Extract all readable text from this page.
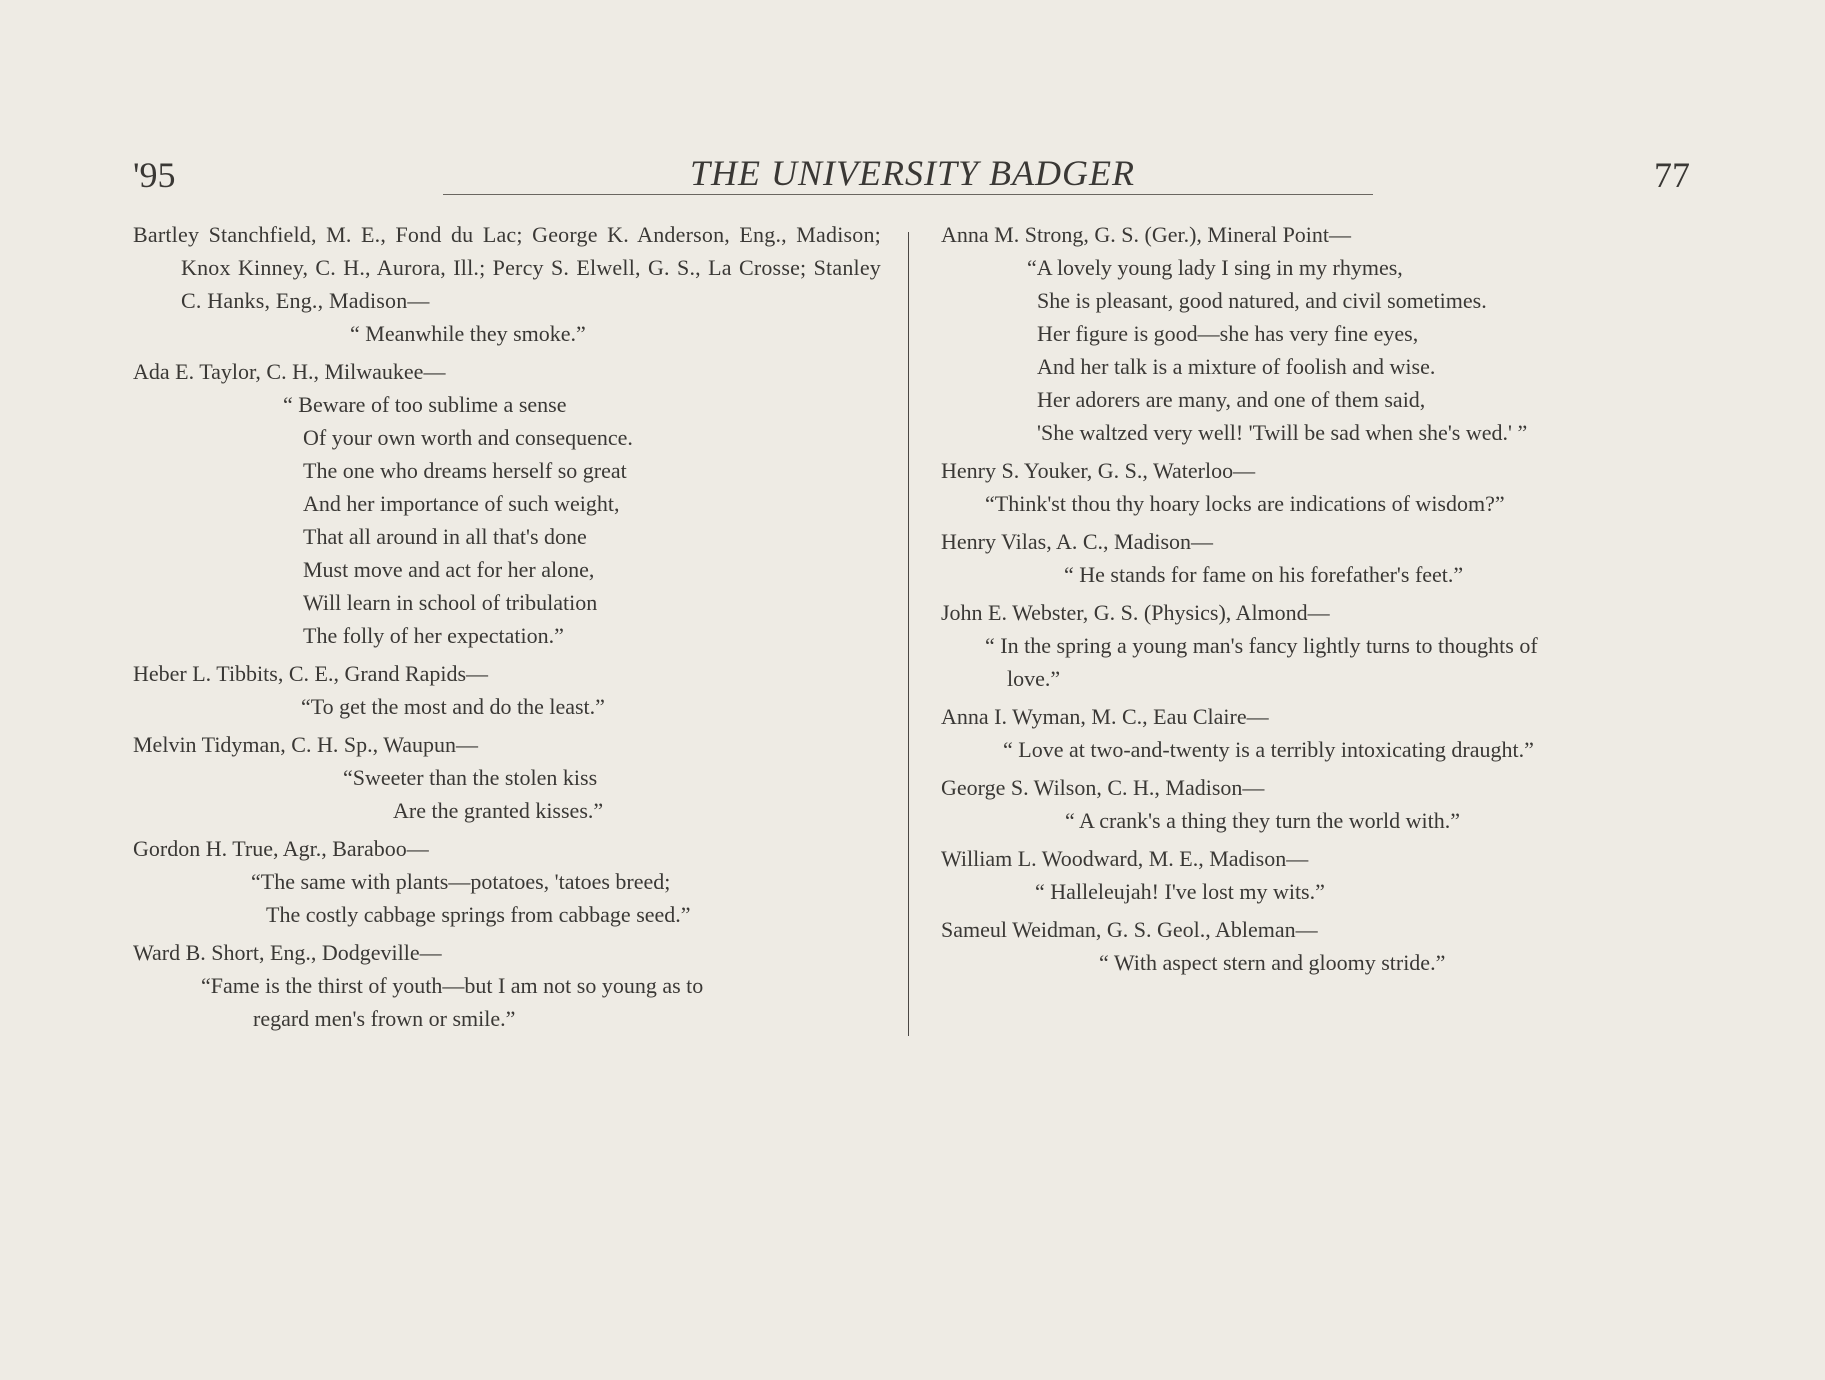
'95	THE UNIVERSITY BADGER	77

Bartley Stanchfield, M. E., Fond du Lac; George K. Anderson, Eng., Madison; Knox Kinney, C. H., Aurora, Ill.; Percy S. Elwell, G. S., La Crosse; Stanley C. Hanks, Eng., Madison—

“ Meanwhile they smoke.”

Ada E. Taylor, C. H., Milwaukee—

“ Beware of too sublime a sense
Of your own worth and consequence.
The one who dreams herself so great
And her importance of such weight,
That all around in all that's done
Must move and act for her alone,
Will learn in school of tribulation
The folly of her expectation.”

Heber L. Tibbits, C. E., Grand Rapids—

“To get the most and do the least.”

Melvin Tidyman, C. H. Sp., Waupun—

“Sweeter than the stolen kiss
Are the granted kisses.”

Gordon H. True, Agr., Baraboo—

“The same with plants—potatoes, 'tatoes breed;
The costly cabbage springs from cabbage seed.”

Ward B. Short, Eng., Dodgeville—

“Fame is the thirst of youth—but I am not so young as to
regard men's frown or smile.”

Anna M. Strong, G. S. (Ger.), Mineral Point—

“A lovely young lady I sing in my rhymes,
She is pleasant, good natured, and civil sometimes.
Her figure is good—she has very fine eyes,
And her talk is a mixture of foolish and wise.
Her adorers are many, and one of them said,
'She waltzed very well! 'Twill be sad when she's wed.' ”

Henry S. Youker, G. S., Waterloo—

“Think'st thou thy hoary locks are indications of wisdom?”

Henry Vilas, A. C., Madison—

“ He stands for fame on his forefather's feet.”

John E. Webster, G. S. (Physics), Almond—

“ In the spring a young man's fancy lightly turns to thoughts of
love.”

Anna I. Wyman, M. C., Eau Claire—

“ Love at two-and-twenty is a terribly intoxicating draught.”

George S. Wilson, C. H., Madison—

“ A crank's a thing they turn the world with.”

William L. Woodward, M. E., Madison—

“ Halleleujah! I've lost my wits.”

Sameul Weidman, G. S. Geol., Ableman—

“ With aspect stern and gloomy stride.”
